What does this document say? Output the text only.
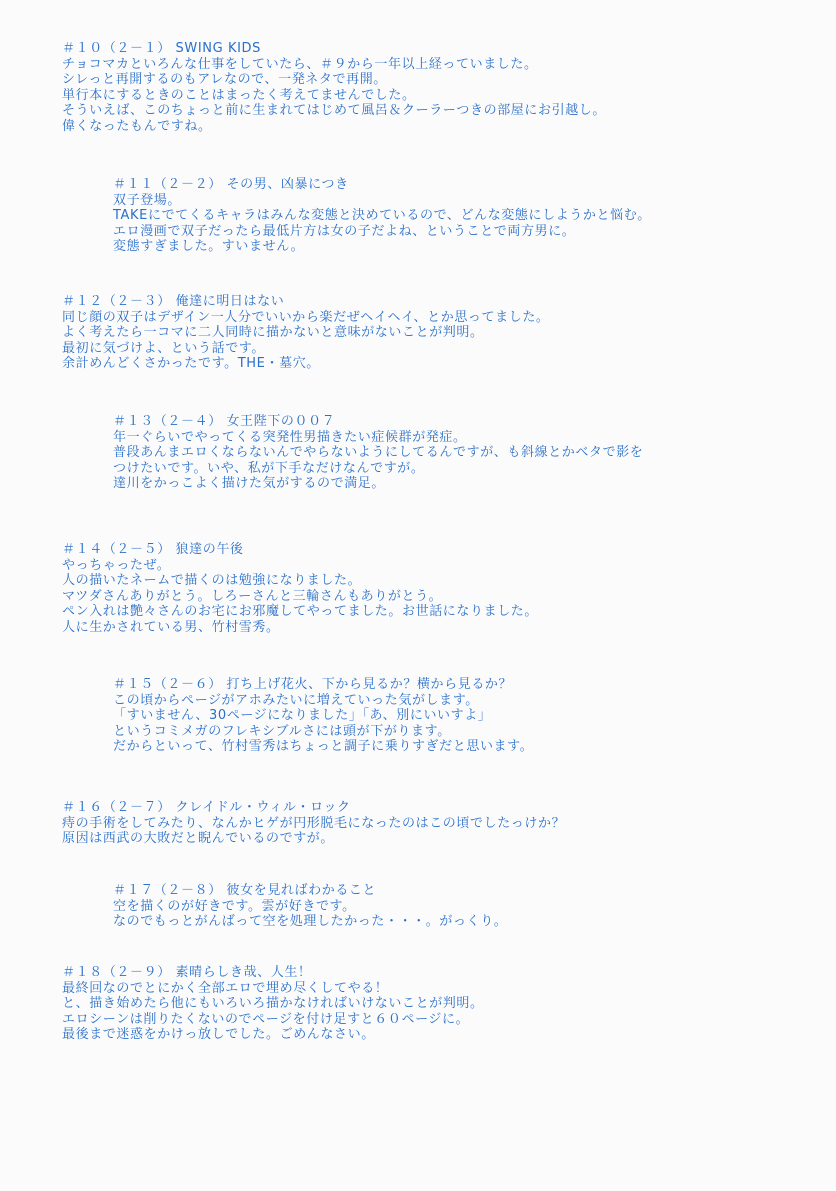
＃１０（２－１） SWING KIDS
チョコマカといろんな仕事をしていたら、＃９から一年以上経っていました。
シレっと再開するのもアレなので、一発ネタで再開。
単行本にするときのことはまったく考えてませんでした。
そういえば、このちょっと前に生まれてはじめて風呂＆クーラーつきの部屋にお引越し。
偉くなったもんですね。
＃１１（２－２） その男、凶暴につき
双子登場。
TAKEにでてくるキャラはみんな変態と決めているので、どんな変態にしようかと悩む。
エロ漫画で双子だったら最低片方は女の子だよね、ということで両方男に。
変態すぎました。すいません。
＃１２（２－３） 俺達に明日はない
同じ顔の双子はデザイン一人分でいいから楽だぜヘイヘイ、とか思ってました。
よく考えたら一コマに二人同時に描かないと意味がないことが判明。
最初に気づけよ、という話です。
余計めんどくさかったです。THE・墓穴。
＃１３（２－４） 女王陛下の００７
年一ぐらいでやってくる突発性男描きたい症候群が発症。
普段あんまエロくならないんでやらないようにしてるんですが、も斜線とかベタで影を
つけたいです。いや、私が下手なだけなんですが。
達川をかっこよく描けた気がするので満足。
＃１４（２－５） 狼達の午後
やっちゃったぜ。
人の描いたネームで描くのは勉強になりました。
マツダさんありがとう。しろーさんと三輪さんもありがとう。
ペン入れは艶々さんのお宅にお邪魔してやってました。お世話になりました。
人に生かされている男、竹村雪秀。
＃１５（２－６） 打ち上げ花火、下から見るか？横から見るか？
この頃からページがアホみたいに増えていった気がします。
「すいません、30ページになりました」「あ、別にいいすよ」
というコミメガのフレキシブルさには頭が下がります。
だからといって、竹村雪秀はちょっと調子に乗りすぎだと思います。
＃１６（２－７） クレイドル・ウィル・ロック
痔の手術をしてみたり、なんかヒゲが円形脱毛になったのはこの頃でしたっけか？
原因は西武の大敗だと睨んでいるのですが。
＃１７（２－８） 彼女を見ればわかること
空を描くのが好きです。雲が好きです。
なのでもっとがんばって空を処理したかった・・・。がっくり。
＃１８（２－９） 素晴らしき哉、人生！
最終回なのでとにかく全部エロで埋め尽くしてやる！
と、描き始めたら他にもいろいろ描かなければいけないことが判明。
エロシーンは削りたくないのでページを付け足すと６０ページに。
最後まで迷惑をかけっ放しでした。ごめんなさい。
